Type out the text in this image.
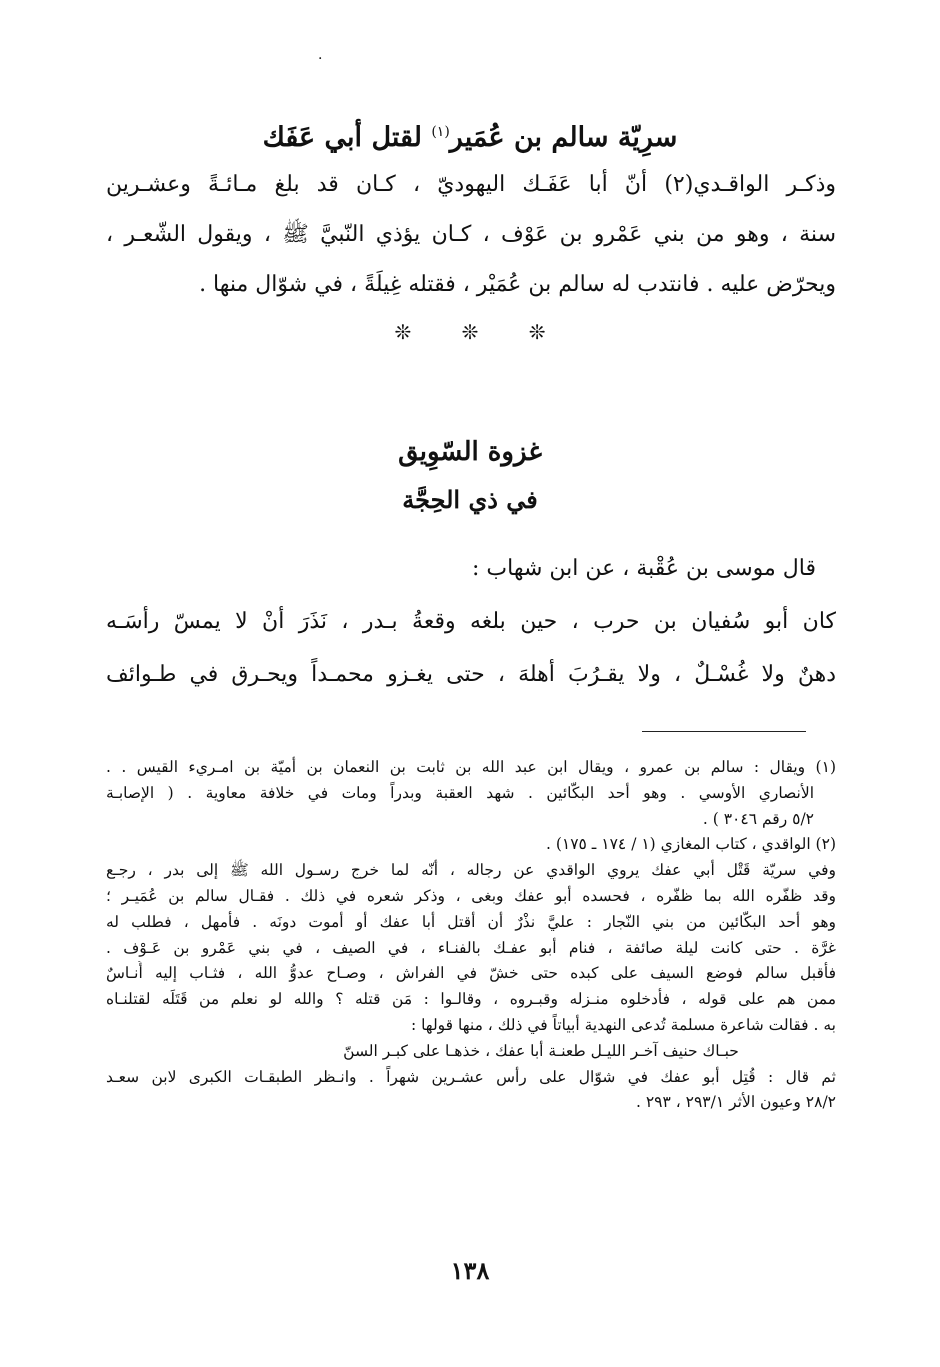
·
سرِيّة سالم بن عُمَير$^{(١)}$ لقتل أبي عَفَك
وذكـر الواقـدي(٢) أنّ أبا عَفَـك اليهوديّ ، كـان قد بلغ مـائـةً وعشـرين
سنة ، وهو من بني عَمْرو بن عَوْف ، كـان يؤذي النّبيَّ ﷺ ، ويقول الشّعـر ،
ويحرّض عليه . فانتدب له سالم بن عُمَيْر ، فقتله غِيلَةً ، في شوّال منها .
❊ ❊ ❊
غزوة السّوِيق
في ذي الحِجَّة
قال موسى بن عُقْبة ، عن ابن شهاب :
كان أبو سُفيان بن حرب ، حين بلغه وقعةُ بـدر ، نَذَرَ أنْ لا يمسّ رأسَـه
دهنٌ ولا غُسْـلٌ ، ولا يقـرُبَ أهلهَ ، حتى يغـزو محمـداً ويحـرق في طـوائف
(١) ويقال : سالم بن عمرو ، ويقال ابن عبد الله بن ثابت بن النعمان بن أميّة بن امـريء القيس . .
الأنصاري الأوسي . وهو أحد البكّائين . شهد العقبة وبدراً ومات في خلافة معاوية . ( الإصابـة
٥/٢ رقم ٣٠٤٦ ) .
(٢) الواقدي ، كتاب المغازي (١ / ١٧٤ ـ ١٧٥) .
وفي سريّة قَتْل أبي عفك يروي الواقدي عن رجاله ، أنّه لما خرج رسـول الله ﷺ إلى بدر ، رجـع
وقد ظفّره الله بما ظفّره ، فحسده أبو عفك وبغى ، وذكر شعره في ذلك . فقـال سالم بن عُمَيـر ؛
وهو أحد البكّائين من بني النّجار : عليَّ نذْرٌ أن أقتل أبا عفك أو أموت دونَه . فأمهل ، فطلب له
غرَّة . حتى كانت ليلة صائفة ، فنام أبو عفـك بالفنـاء ، في الصيف ، في بني عَمْرو بن عَـوْف .
فأقبل سالم فوضع السيف على كبده حتى خشّ في الفراش ، وصـاح عدوُّ الله ، فثـاب إليه أُنـاسٌ
ممن هم على قوله ، فأدخلوه منـزله وقبـروه ، وقالـوا : مَن قتله ؟ والله لو نعلم من قَتَلَه لقتلنـاه
به . فقالت شاعرة مسلمة تُدعى النهدية أبياتاً في ذلك ، منها قولها :
حبـاك حنيف آخـر الليـل طعنـة أبا عفك ، خذهـا على كبـر السنّ
ثم قال : قُتِل أبو عفك في شوّال على رأس عشـرين شهراً . وانـظر الطبقـات الكبرى لابن سعـد
٢٨/٢ وعيون الأثر ٢٩٣/١ ، ٢٩٣ .
١٣٨
